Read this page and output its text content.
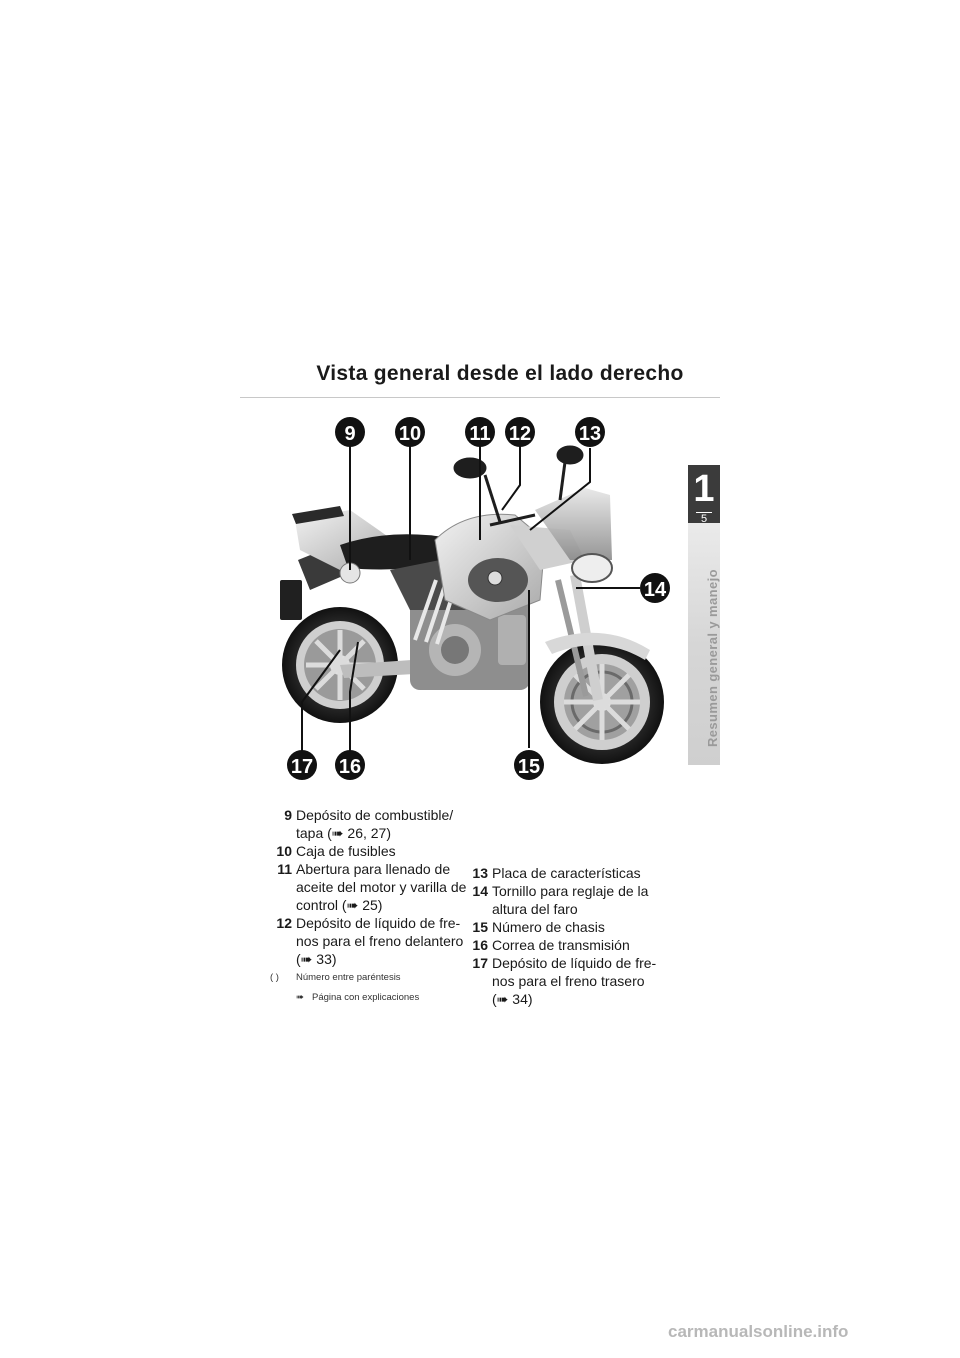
Vista general desde el lado derecho
1
5
Resumen general y manejo
9 10 11 12 13
14
15
16
17
9 Depósito de combustible/
tapa (➠ 26, 27)
10 Caja de fusibles
11 Abertura para llenado de
aceite del motor y varilla de
control (➠ 25)
12 Depósito de líquido de fre-
nos para el freno delantero
(➠ 33)
13 Placa de características
14 Tornillo para reglaje de la
altura del faro
15 Número de chasis
16 Correa de transmisión
17 Depósito de líquido de fre-
nos para el freno trasero
(➠ 34)
( ) Número entre paréntesis
➠ Página con explicaciones
carmanualsonline.info
